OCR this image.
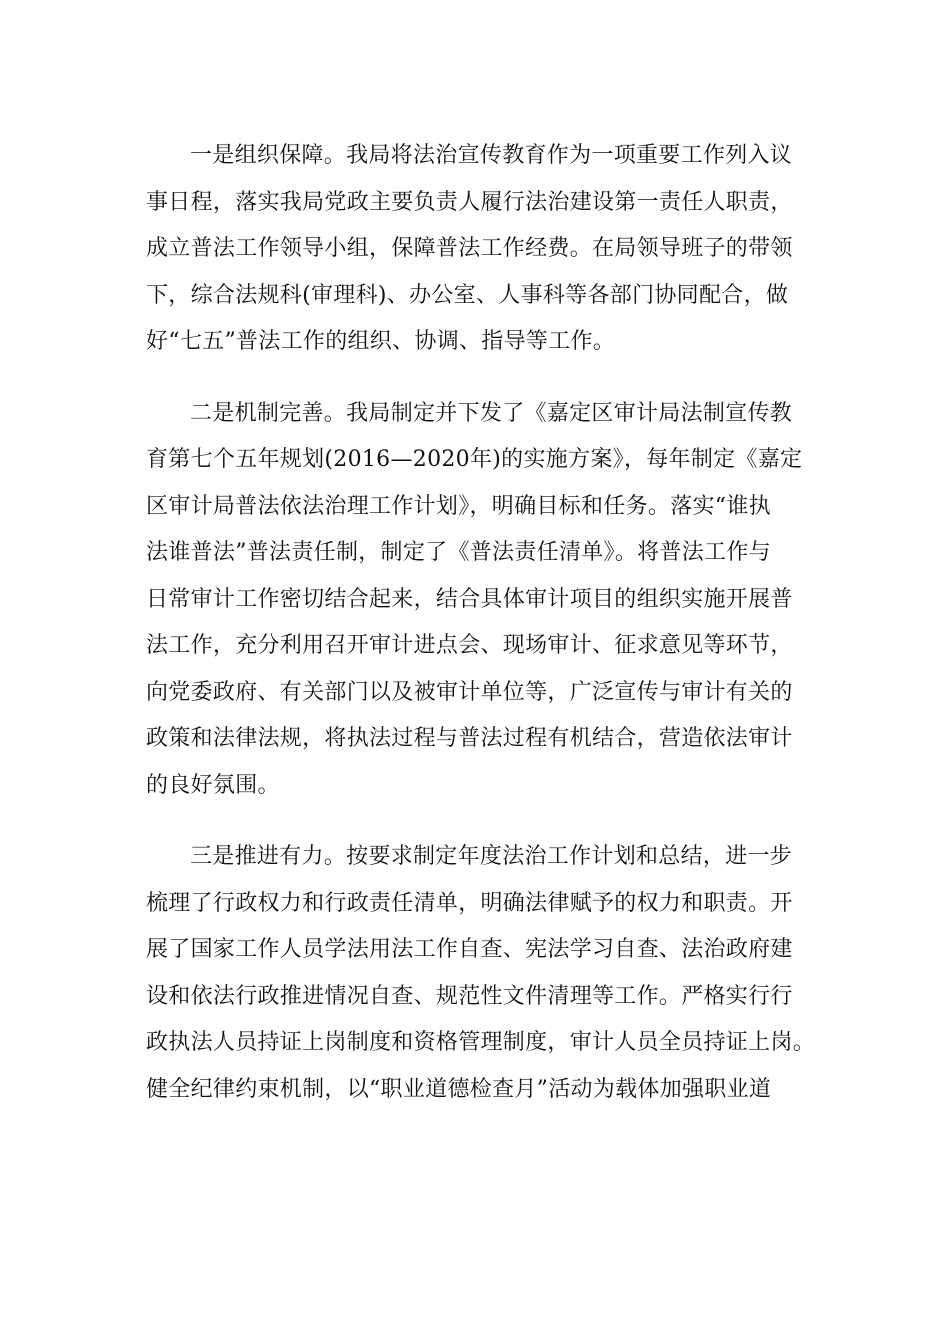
一是组织保障。我局将法治宣传教育作为一项重要工作列入议
事日程，落实我局党政主要负责人履行法治建设第一责任人职责，
成立普法工作领导小组，保障普法工作经费。在局领导班子的带领
下，综合法规科(审理科)、办公室、人事科等各部门协同配合，做
好“七五”普法工作的组织、协调、指导等工作。

二是机制完善。我局制定并下发了《嘉定区审计局法制宣传教
育第七个五年规划(2016—2020年)的实施方案》，每年制定《嘉定
区审计局普法依法治理工作计划》，明确目标和任务。落实“谁执
法谁普法”普法责任制，制定了《普法责任清单》。将普法工作与
日常审计工作密切结合起来，结合具体审计项目的组织实施开展普
法工作，充分利用召开审计进点会、现场审计、征求意见等环节，
向党委政府、有关部门以及被审计单位等，广泛宣传与审计有关的
政策和法律法规，将执法过程与普法过程有机结合，营造依法审计
的良好氛围。

三是推进有力。按要求制定年度法治工作计划和总结，进一步
梳理了行政权力和行政责任清单，明确法律赋予的权力和职责。开
展了国家工作人员学法用法工作自查、宪法学习自查、法治政府建
设和依法行政推进情况自查、规范性文件清理等工作。严格实行行
政执法人员持证上岗制度和资格管理制度，审计人员全员持证上岗。
健全纪律约束机制，以“职业道德检查月”活动为载体加强职业道
